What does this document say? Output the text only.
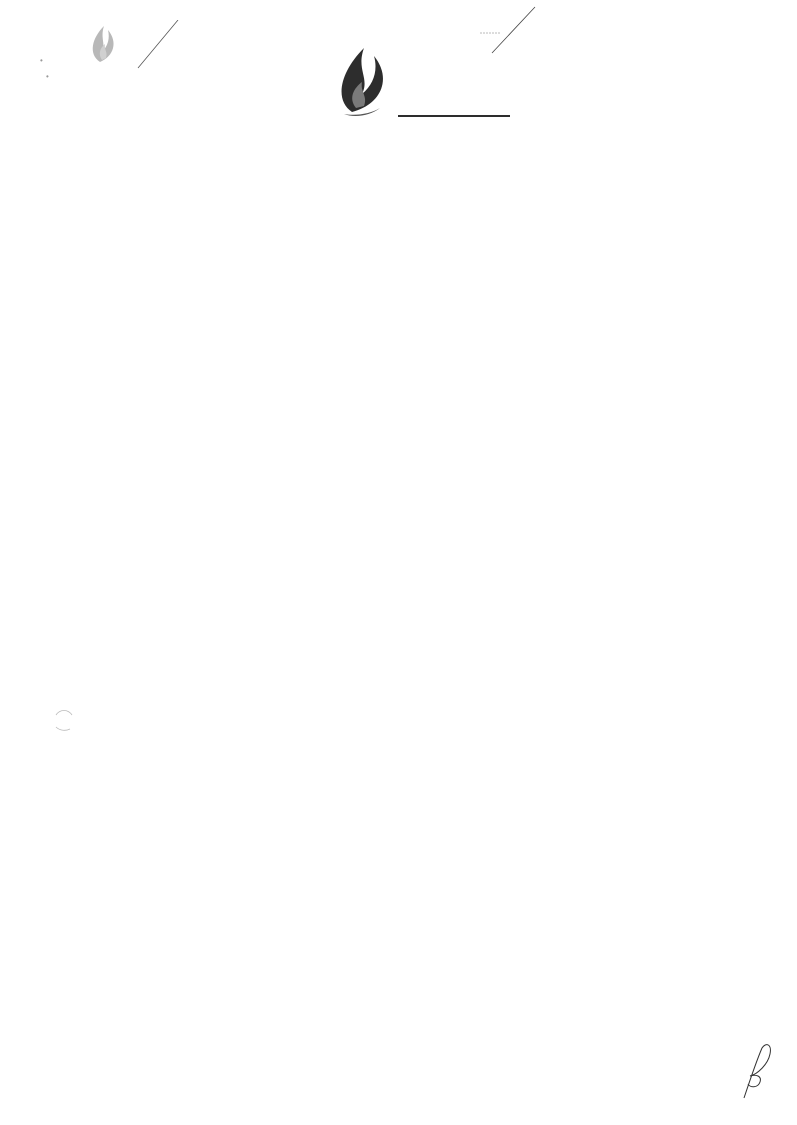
•
•
